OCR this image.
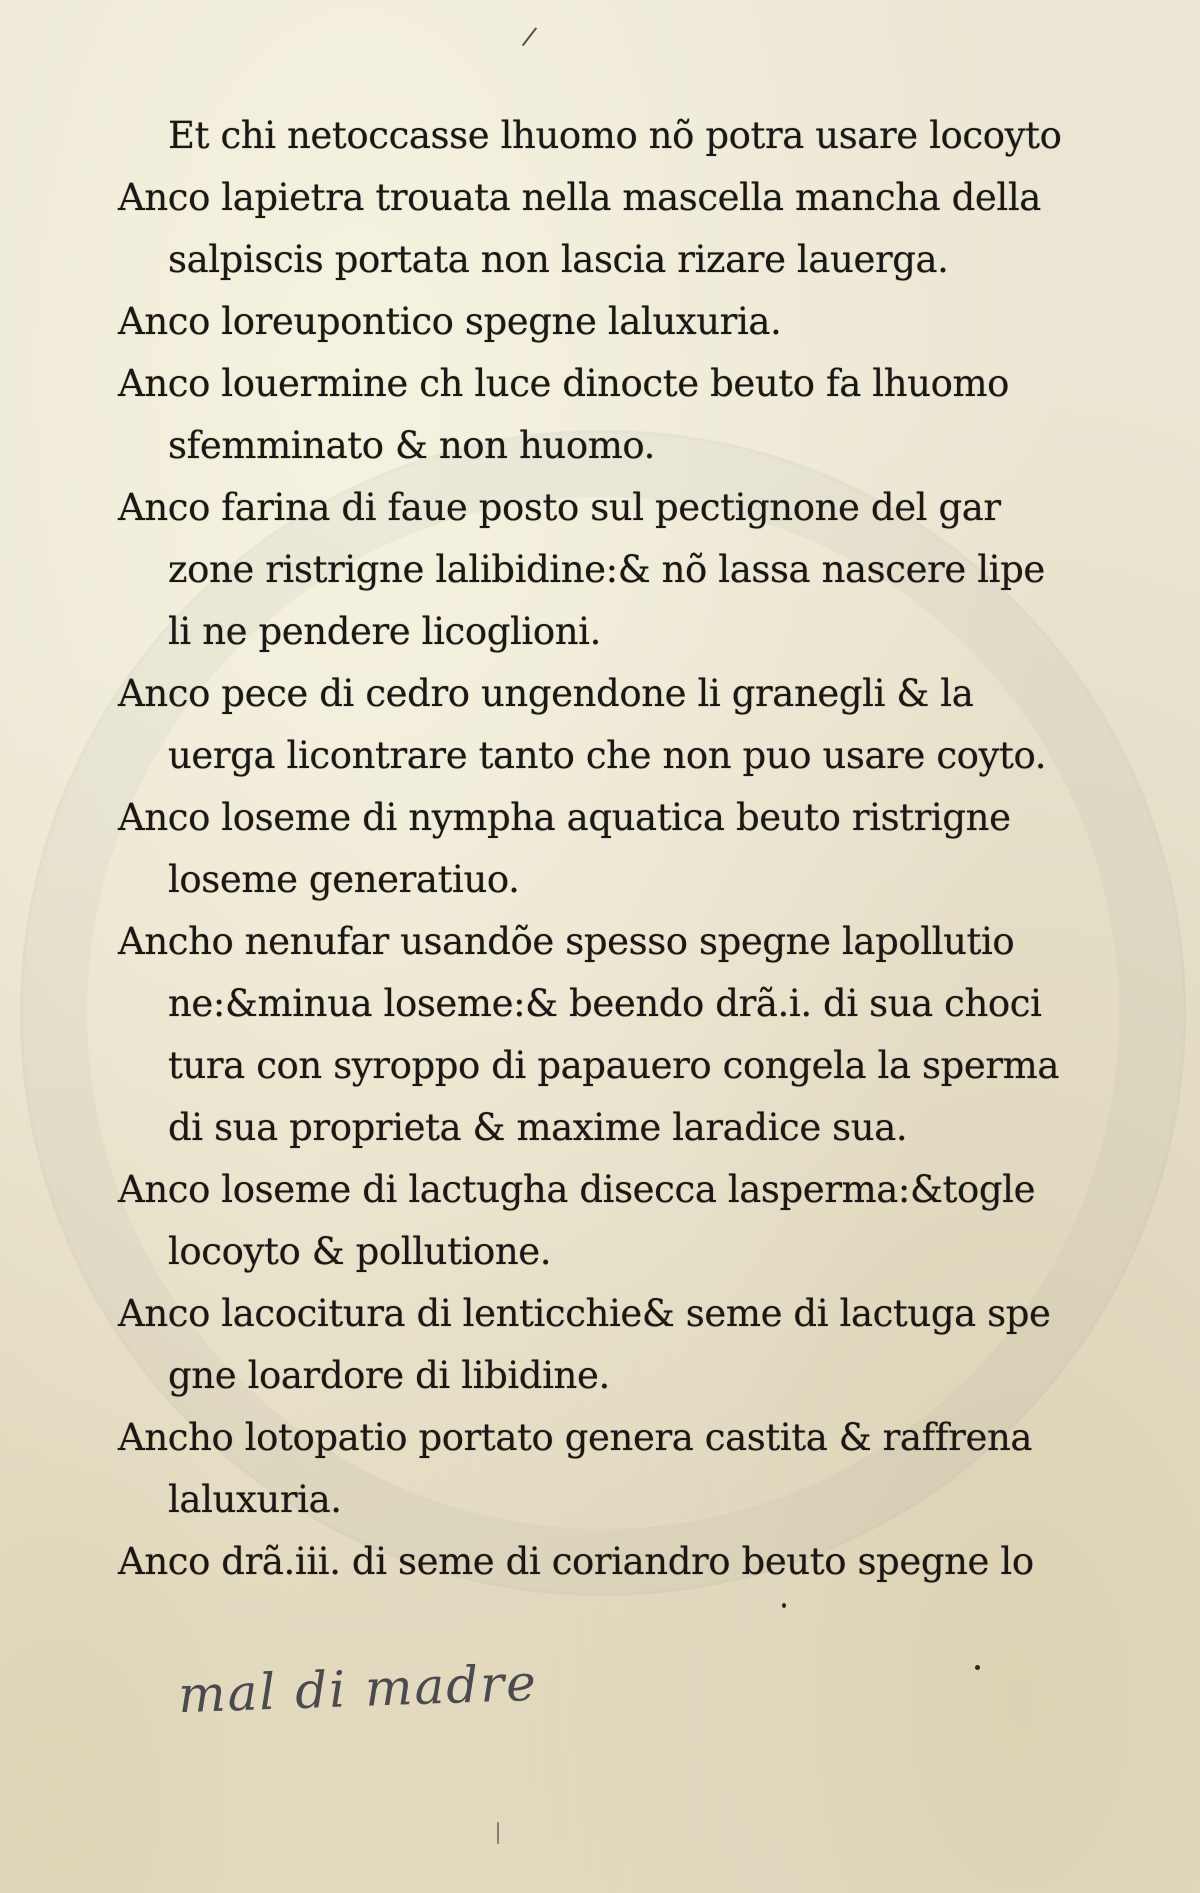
/
Et chi netoccasse lhuomo nõ potra usare locoyto
Anco lapietra trouata nella mascella mancha della
salpiscis portata non lascia rizare lauerga.
Anco loreupontico spegne laluxuria.
Anco louermine ch luce dinocte beuto fa lhuomo
sfemminato & non huomo.
Anco farina di faue posto sul pectignone del gar
zone ristrigne lalibidine:& nõ lassa nascere lipe
li ne pendere licoglioni.
Anco pece di cedro ungendone li granegli & la
uerga licontrare tanto che non puo usare coyto.
Anco loseme di nympha aquatica beuto ristrigne
loseme generatiuo.
Ancho nenufar usandõe spesso spegne lapollutio
ne:&minua loseme:& beendo drã.i. di sua choci
tura con syroppo di papauero congela la sperma
di sua proprieta & maxime laradice sua.
Anco loseme di lactugha disecca lasperma:&togle
locoyto & pollutione.
Anco lacocitura di lenticchie& seme di lactuga spe
gne loardore di libidine.
Ancho lotopatio portato genera castita & raffrena
laluxuria.
Anco drã.iii. di seme di coriandro beuto spegne lo
mal di madre
